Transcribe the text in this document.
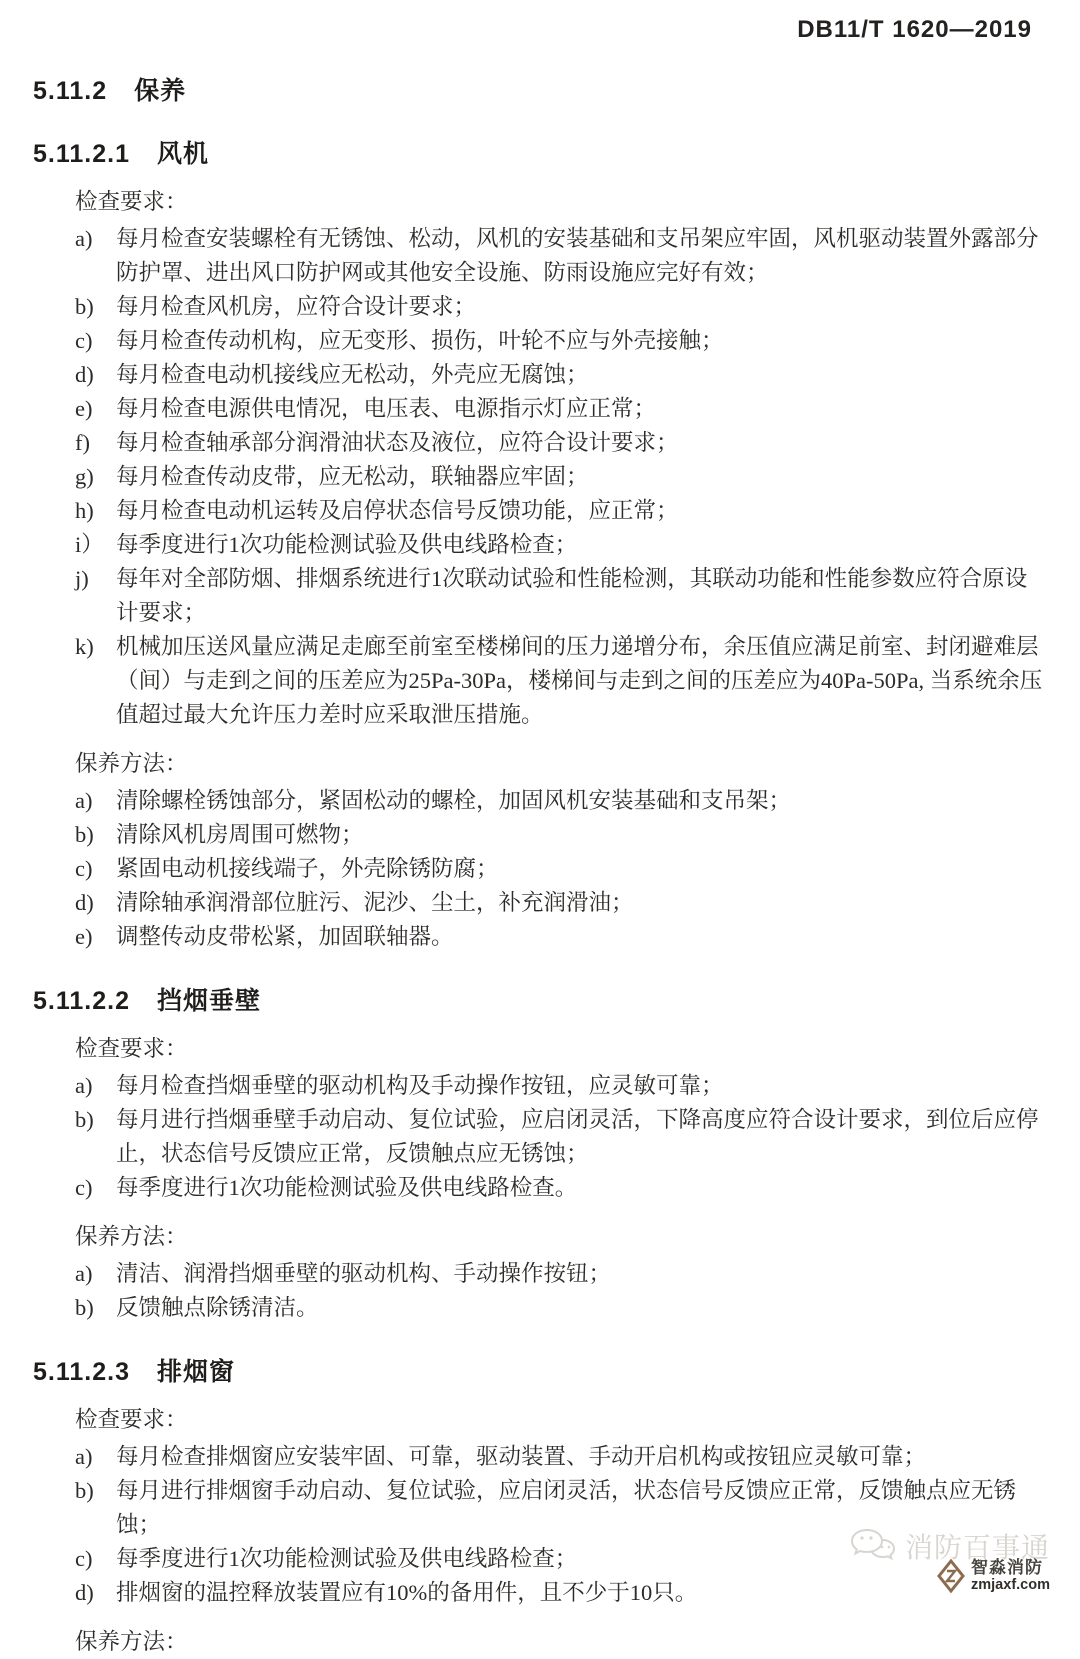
DB11/T 1620—2019
5.11.2 保养
5.11.2.1 风机
检查要求：
a)	每月检查安装螺栓有无锈蚀、松动，风机的安装基础和支吊架应牢固，风机驱动装置外露部分防护罩、进出风口防护网或其他安全设施、防雨设施应完好有效；
b) 每月检查风机房，应符合设计要求；
c)	每月检查传动机构，应无变形、损伤，叶轮不应与外壳接触；
d) 每月检查电动机接线应无松动，外壳应无腐蚀；
e)	每月检查电源供电情况，电压表、电源指示灯应正常；
f)	每月检查轴承部分润滑油状态及液位，应符合设计要求；
g) 每月检查传动皮带，应无松动，联轴器应牢固；
h) 每月检查电动机运转及启停状态信号反馈功能，应正常；
i） 每季度进行1次功能检测试验及供电线路检查；
j)	每年对全部防烟、排烟系统进行1次联动试验和性能检测，其联动功能和性能参数应符合原设计要求；
k) 机械加压送风量应满足走廊至前室至楼梯间的压力递增分布，余压值应满足前室、封闭避难层（间）与走到之间的压差应为25Pa-30Pa，楼梯间与走到之间的压差应为40Pa-50Pa, 当系统余压值超过最大允许压力差时应采取泄压措施。
保养方法：
a)	清除螺栓锈蚀部分，紧固松动的螺栓，加固风机安装基础和支吊架；
b) 清除风机房周围可燃物；
c)	紧固电动机接线端子，外壳除锈防腐；
d) 清除轴承润滑部位脏污、泥沙、尘土，补充润滑油；
e)	调整传动皮带松紧，加固联轴器。
5.11.2.2 挡烟垂壁
检查要求：
a)	每月检查挡烟垂壁的驱动机构及手动操作按钮，应灵敏可靠；
b) 每月进行挡烟垂壁手动启动、复位试验，应启闭灵活，下降高度应符合设计要求，到位后应停止，状态信号反馈应正常，反馈触点应无锈蚀；
c)	每季度进行1次功能检测试验及供电线路检查。
保养方法：
a)	清洁、润滑挡烟垂壁的驱动机构、手动操作按钮；
b) 反馈触点除锈清洁。
5.11.2.3 排烟窗
检查要求：
a)	每月检查排烟窗应安装牢固、可靠，驱动装置、手动开启机构或按钮应灵敏可靠；
b) 每月进行排烟窗手动启动、复位试验，应启闭灵活，状态信号反馈应正常，反馈触点应无锈蚀；
c)	每季度进行1次功能检测试验及供电线路检查；
d) 排烟窗的温控释放装置应有10%的备用件，且不少于10只。
保养方法：
消防百事通
智淼消防
zmjaxf.com
